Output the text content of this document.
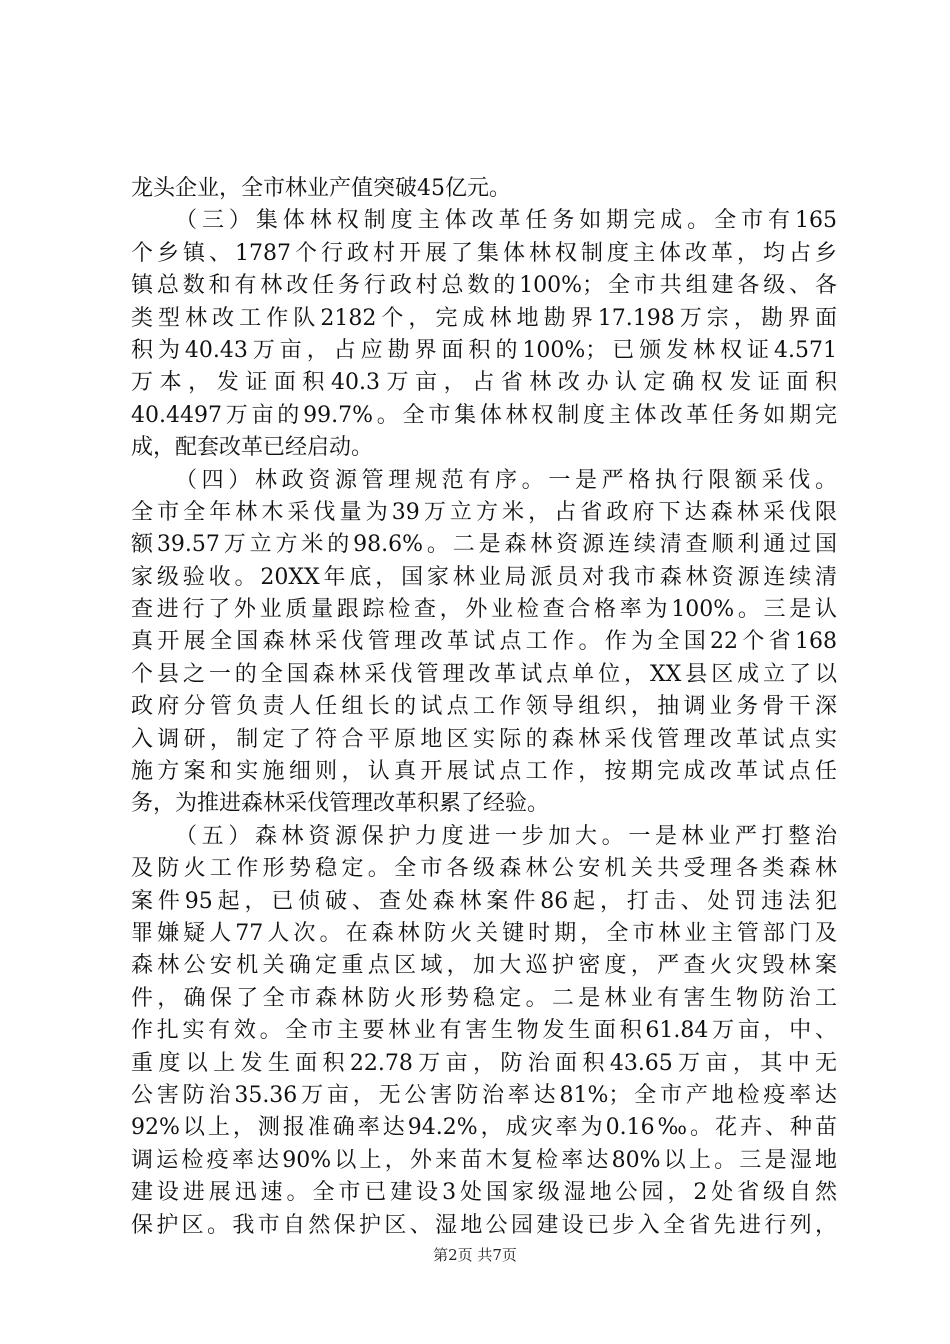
龙头企业，全市林业产值突破45亿元。
（三）集体林权制度主体改革任务如期完成。全市有165
个乡镇、1787个行政村开展了集体林权制度主体改革，均占乡
镇总数和有林改任务行政村总数的100%；全市共组建各级、各
类型林改工作队2182个，完成林地勘界17.198万宗，勘界面
积为40.43万亩，占应勘界面积的100%；已颁发林权证4.571
万本，发证面积40.3万亩，占省林改办认定确权发证面积
40.4497万亩的99.7%。全市集体林权制度主体改革任务如期完
成，配套改革已经启动。
（四）林政资源管理规范有序。一是严格执行限额采伐。
全市全年林木采伐量为39万立方米，占省政府下达森林采伐限
额39.57万立方米的98.6%。二是森林资源连续清查顺利通过国
家级验收。20XX年底，国家林业局派员对我市森林资源连续清
查进行了外业质量跟踪检查，外业检查合格率为100%。三是认
真开展全国森林采伐管理改革试点工作。作为全国22个省168
个县之一的全国森林采伐管理改革试点单位，XX县区成立了以
政府分管负责人任组长的试点工作领导组织，抽调业务骨干深
入调研，制定了符合平原地区实际的森林采伐管理改革试点实
施方案和实施细则，认真开展试点工作，按期完成改革试点任
务，为推进森林采伐管理改革积累了经验。
（五）森林资源保护力度进一步加大。一是林业严打整治
及防火工作形势稳定。全市各级森林公安机关共受理各类森林
案件95起，已侦破、查处森林案件86起，打击、处罚违法犯
罪嫌疑人77人次。在森林防火关键时期，全市林业主管部门及
森林公安机关确定重点区域，加大巡护密度，严查火灾毁林案
件，确保了全市森林防火形势稳定。二是林业有害生物防治工
作扎实有效。全市主要林业有害生物发生面积61.84万亩，中、
重度以上发生面积22.78万亩，防治面积43.65万亩，其中无
公害防治35.36万亩，无公害防治率达81%；全市产地检疫率达
92%以上，测报准确率达94.2%，成灾率为0.16‰。花卉、种苗
调运检疫率达90%以上，外来苗木复检率达80%以上。三是湿地
建设进展迅速。全市已建设3处国家级湿地公园，2处省级自然
保护区。我市自然保护区、湿地公园建设已步入全省先进行列，
第2页 共7页
